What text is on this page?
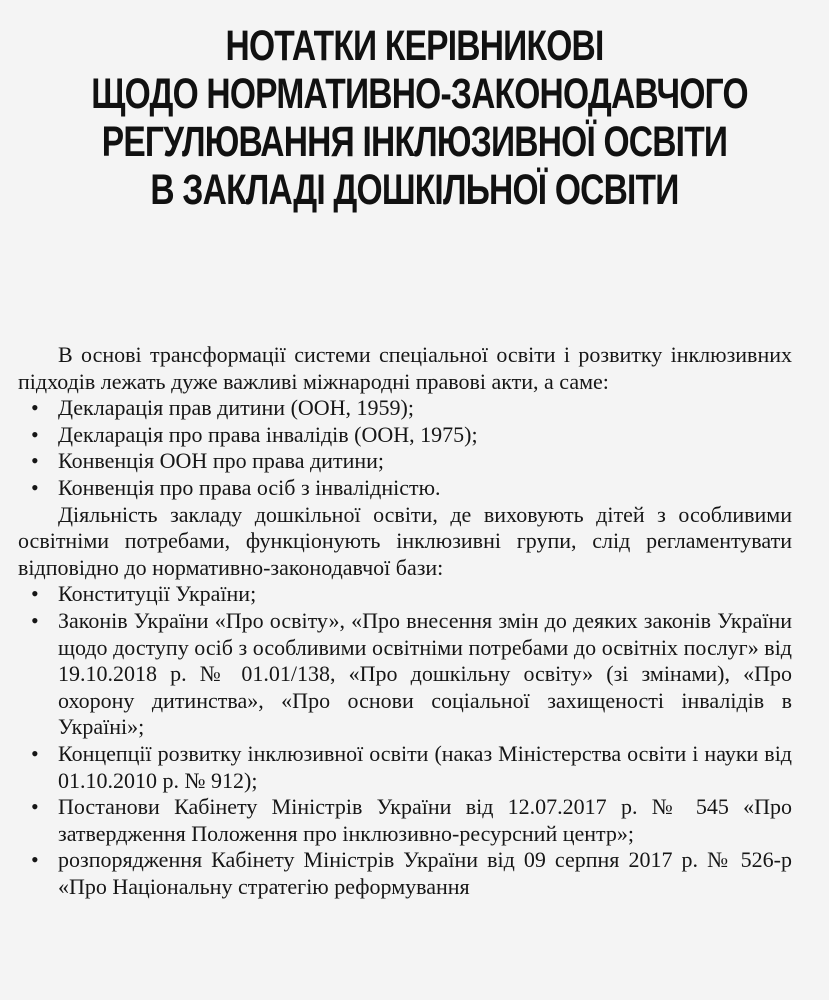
НОТАТКИ КЕРІВНИКОВІ
ЩОДО НОРМАТИВНО-ЗАКОНОДАВЧОГО
РЕГУЛЮВАННЯ ІНКЛЮЗИВНОЇ ОСВІТИ
В ЗАКЛАДІ ДОШКІЛЬНОЇ ОСВІТИ

В основі трансформації системи спеціальної освіти і розвитку інклюзивних підходів лежать дуже важливі міжнародні правові акти, а саме:

• Декларація прав дитини (ООН, 1959);
• Декларація про права інвалідів (ООН, 1975);
• Конвенція ООН про права дитини;
• Конвенція про права осіб з інвалідністю.

Діяльність закладу дошкільної освіти, де виховують дітей з особливими освітніми потребами, функціонують інклюзивні групи, слід регламентувати відповідно до нормативно-законодавчої бази:

• Конституції України;
• Законів України «Про освіту», «Про внесення змін до деяких законів України щодо доступу осіб з особливими освітніми потребами до освітніх послуг» від 19.10.2018 р. № 01.01/138, «Про дошкільну освіту» (зі змінами), «Про охорону дитинства», «Про основи соціальної захищеності інвалідів в Україні»;
• Концепції розвитку інклюзивної освіти (наказ Міністерства освіти і науки від 01.10.2010 р. № 912);
• Постанови Кабінету Міністрів України від 12.07.2017 р. № 545 «Про затвердження Положення про інклюзивно-ресурсний центр»;
• розпорядження Кабінету Міністрів України від 09 серпня 2017 р. № 526-р «Про Національну стратегію реформування
